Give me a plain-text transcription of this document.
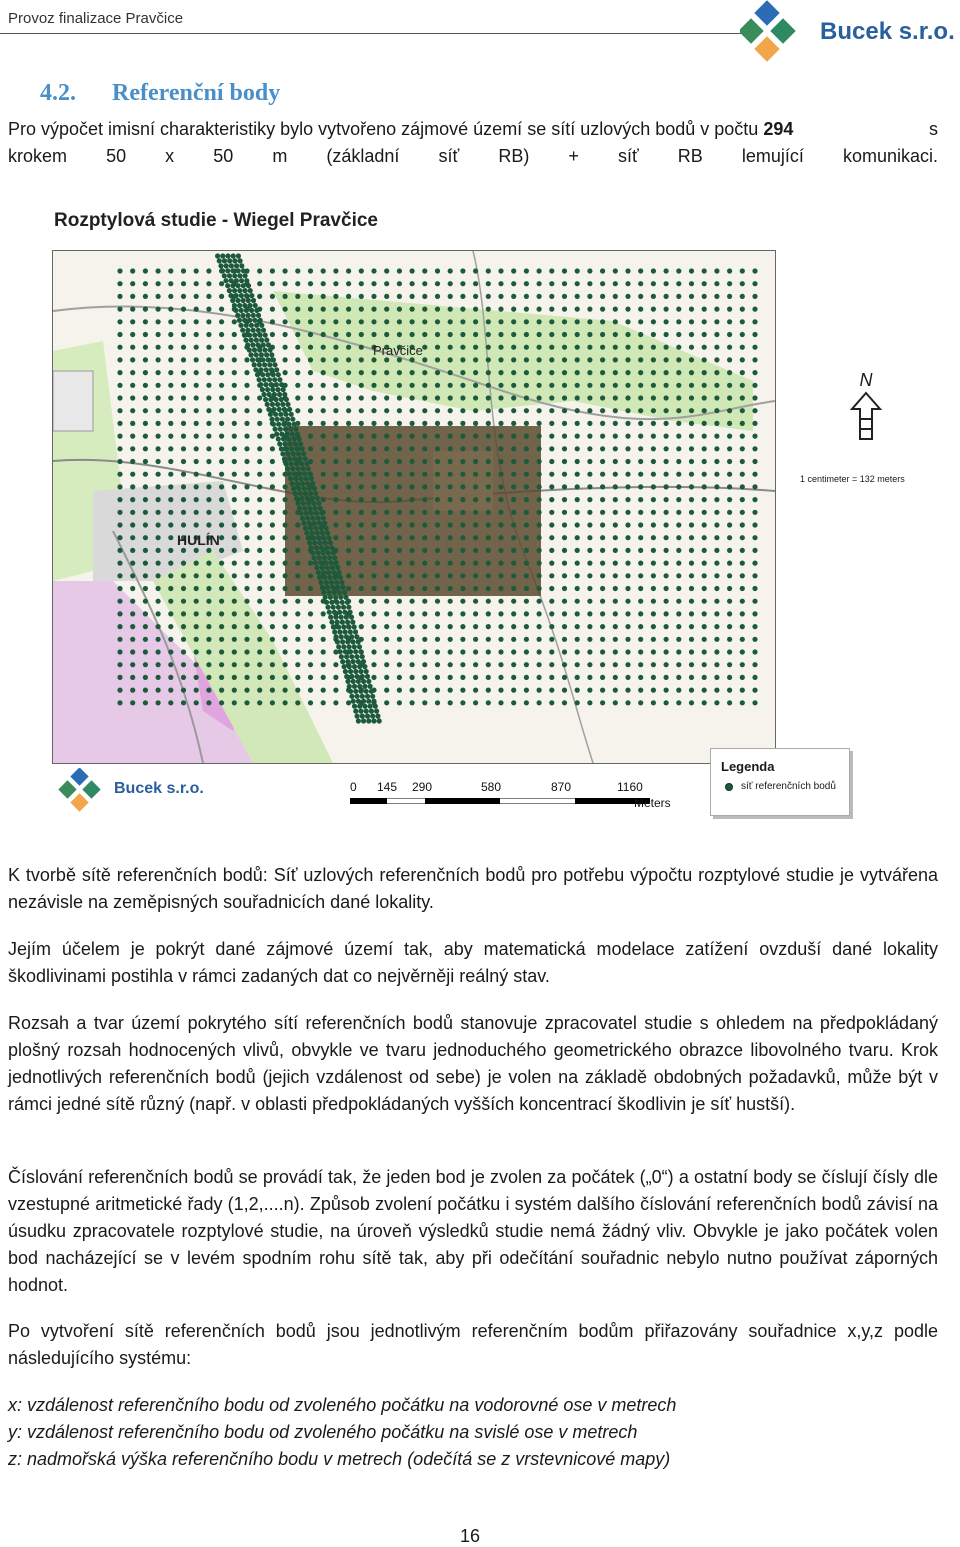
Provoz finalizace Pravčice	Bucek s.r.o.
4.2. Referenční body
Pro výpočet imisní charakteristiky bylo vytvořeno zájmové území se sítí uzlových bodů v počtu 294	s
krokem 50 x 50 m (základní síť RB) + síť RB lemující komunikaci.
Rozptylová studie - Wiegel Pravčice
Pravčice
HULÍN
N
1 centimeter = 132 meters
Bucek s.r.o.	0 145 290	580	870	1160
Meters
Legenda
síť referenčních bodů
K tvorbě sítě referenčních bodů: Síť uzlových referenčních bodů pro potřebu výpočtu rozptylové studie je vytvářena nezávisle na zeměpisných souřadnicích dané lokality.
Jejím účelem je pokrýt dané zájmové území tak, aby matematická modelace zatížení ovzduší dané lokality škodlivinami postihla v rámci zadaných dat co nejvěrněji reálný stav.
Rozsah a tvar území pokrytého sítí referenčních bodů stanovuje zpracovatel studie s ohledem na předpokládaný plošný rozsah hodnocených vlivů, obvykle ve tvaru jednoduchého geometrického obrazce libovolného tvaru. Krok jednotlivých referenčních bodů (jejich vzdálenost od sebe) je volen na základě obdobných požadavků, může být v rámci jedné sítě různý (např. v oblasti předpokládaných vyšších koncentrací škodlivin je síť hustší).
Číslování referenčních bodů se provádí tak, že jeden bod je zvolen za počátek („0“) a ostatní body se číslují čísly dle vzestupné aritmetické řady (1,2,....n). Způsob zvolení počátku i systém dalšího číslování referenčních bodů závisí na úsudku zpracovatele rozptylové studie, na úroveň výsledků studie nemá žádný vliv. Obvykle je jako počátek volen bod nacházející se v levém spodním rohu sítě tak, aby při odečítání souřadnic nebylo nutno používat záporných hodnot.
Po vytvoření sítě referenčních bodů jsou jednotlivým referenčním bodům přiřazovány souřadnice x,y,z podle následujícího systému:
x: vzdálenost referenčního bodu od zvoleného počátku na vodorovné ose v metrech
y: vzdálenost referenčního bodu od zvoleného počátku na svislé ose v metrech
z: nadmořská výška referenčního bodu v metrech (odečítá se z vrstevnicové mapy)
16
